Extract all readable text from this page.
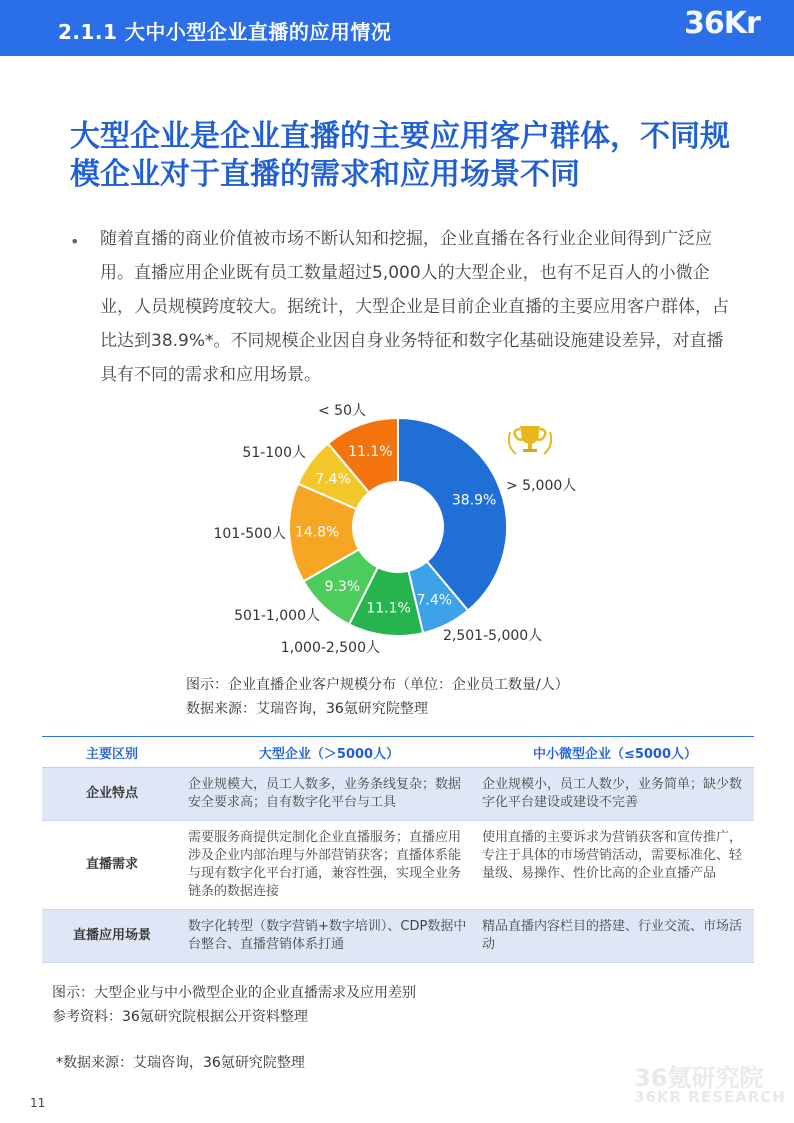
2.1.1 大中小型企业直播的应用情况	36Kr
大型企业是企业直播的主要应用客户群体，不同规模企业对于直播的需求和应用场景不同
• 随着直播的商业价值被市场不断认知和挖掘，企业直播在各行业企业间得到广泛应用。直播应用企业既有员工数量超过5,000人的大型企业，也有不足百人的小微企业，人员规模跨度较大。据统计，大型企业是目前企业直播的主要应用客户群体，占比达到38.9%*。不同规模企业因自身业务特征和数字化基础设施建设差异，对直播具有不同的需求和应用场景。
38.9%
> 5,000人
7.4%
2,501-5,000人
11.1%
1,000-2,500人
9.3%
501-1,000人
14.8%
101-500人
7.4%
51-100人	11.1%
< 50人
图示：企业直播企业客户规模分布（单位：企业员工数量/人）
数据来源：艾瑞咨询，36氪研究院整理
主要区别	大型企业（＞5000人）	中小微型企业（≤5000人）
企业特点	企业规模大，员工人数多，业务条线复杂；数据安全要求高；自有数字化平台与工具	企业规模小，员工人数少，业务简单；缺少数字化平台建设或建设不完善
直播需求	需要服务商提供定制化企业直播服务；直播应用涉及企业内部治理与外部营销获客；直播体系能与现有数字化平台打通，兼容性强，实现全业务链条的数据连接	使用直播的主要诉求为营销获客和宣传推广，专注于具体的市场营销活动，需要标准化、轻量级、易操作、性价比高的企业直播产品
直播应用场景	数字化转型（数字营销+数字培训）、CDP数据中台整合、直播营销体系打通	精品直播内容栏目的搭建、行业交流、市场活动
图示：大型企业与中小微型企业的企业直播需求及应用差别
参考资料：36氪研究院根据公开资料整理
*数据来源：艾瑞咨询，36氪研究院整理
11
36氪研究院
36KR RESEARCH
